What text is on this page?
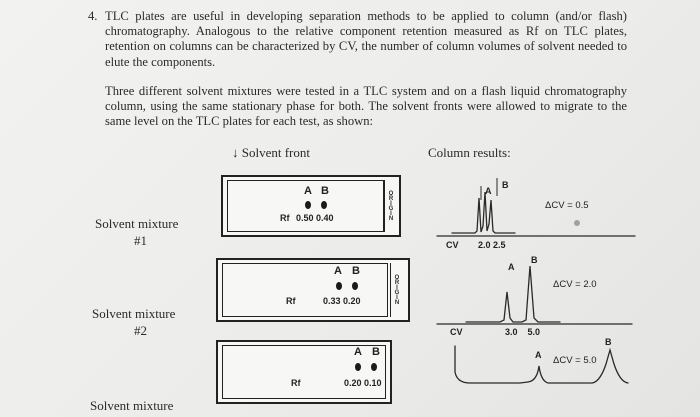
4. TLC plates are useful in developing separation methods to be applied to column (and/or flash) chromatography. Analogous to the relative component retention measured as Rf on TLC plates, retention on columns can be characterized by CV, the number of column volumes of solvent needed to elute the components.
Three different solvent mixtures were tested in a TLC system and on a flash liquid chromatography column, using the same stationary phase for both. The solvent fronts were allowed to migrate to the same level on the TLC plates for each test, as shown:
↓ Solvent front	Column results:
Solvent mixture
#1
Solvent mixture
#2
Solvent mixture
ORIGIN
A B
Rf 0.50 0.40
ORIGIN
A B
Rf	0.33 0.20
A B
Rf	0.20 0.10
A
B
ΔCV = 0.5
CV 2.0 2.5
A
B
ΔCV = 2.0
CV	3.0    5.0
A
B
ΔCV = 5.0
